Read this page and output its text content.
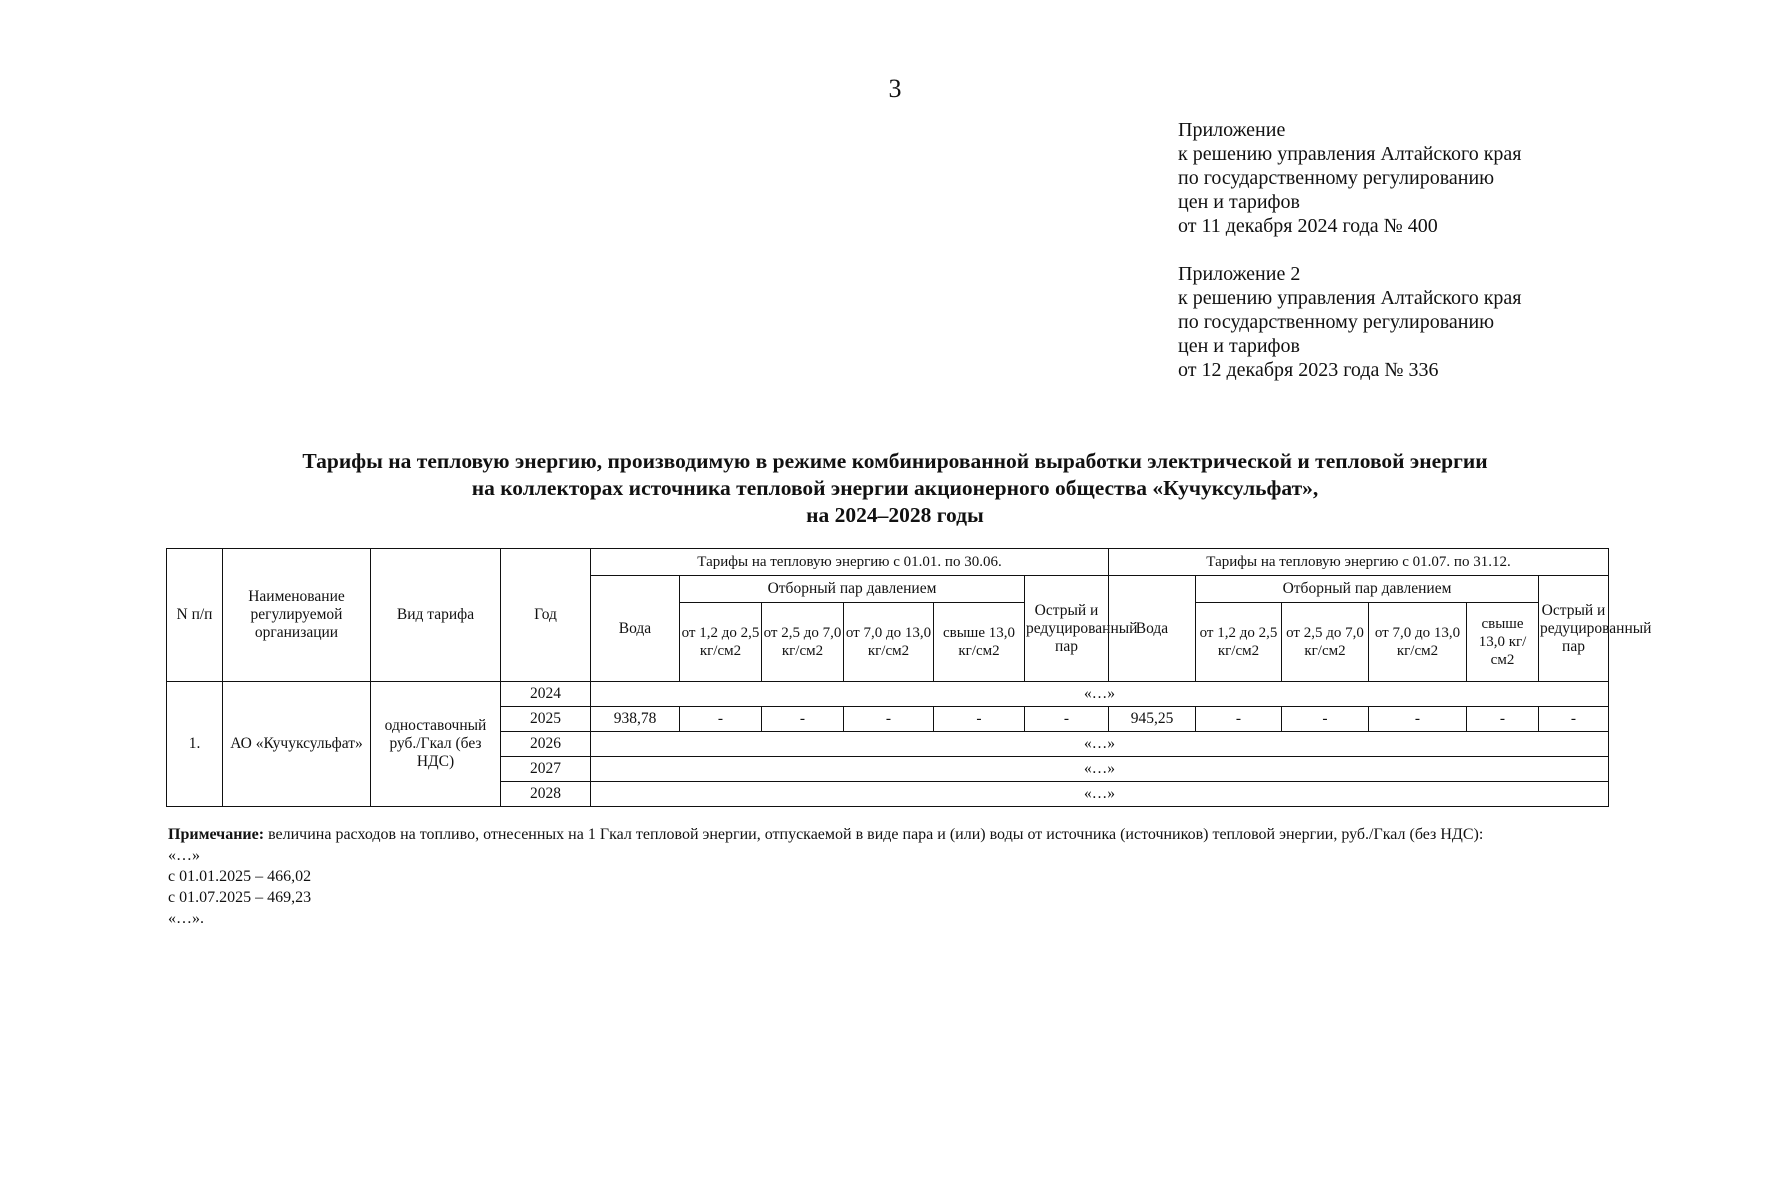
3
Приложение
к решению управления Алтайского края
по государственному регулированию
цен и тарифов
от 11 декабря 2024 года № 400
Приложение 2
к решению управления Алтайского края
по государственному регулированию
цен и тарифов
от 12 декабря 2023 года № 336
Тарифы на тепловую энергию, производимую в режиме комбинированной выработки электрической и тепловой энергии
на коллекторах источника тепловой энергии акционерного общества «Кучуксульфат»,
на 2024–2028 годы
N п/п	Наименование регулируемой организации	Вид тарифа	Год	Тарифы на тепловую энергию с 01.01. по 30.06.						Тарифы на тепловую энергию с 01.07. по 31.12.					
				Вода	Отборный пар давлением				Острый и редуцированный пар	Вода	Отборный пар давлением				Острый и редуцированный пар
					от 1,2 до 2,5 кг/см2	от 2,5 до 7,0 кг/см2	от 7,0 до 13,0 кг/см2	свыше 13,0 кг/см2			от 1,2 до 2,5 кг/см2	от 2,5 до 7,0 кг/см2	от 7,0 до 13,0 кг/см2	свыше 13,0 кг/см2	
1.	АО «Кучуксульфат»	одноставочный руб./Гкал (без НДС)	2024	«…»											
			2025	938,78	-	-	-	-	-	945,25	-	-	-	-	-
			2026	«…»											
			2027	«…»											
			2028	«…»											
Примечание: величина расходов на топливо, отнесенных на 1 Гкал тепловой энергии, отпускаемой в виде пара и (или) воды от источника (источников) тепловой энергии, руб./Гкал (без НДС):
«…»
с 01.01.2025 – 466,02
с 01.07.2025 – 469,23
«…».
